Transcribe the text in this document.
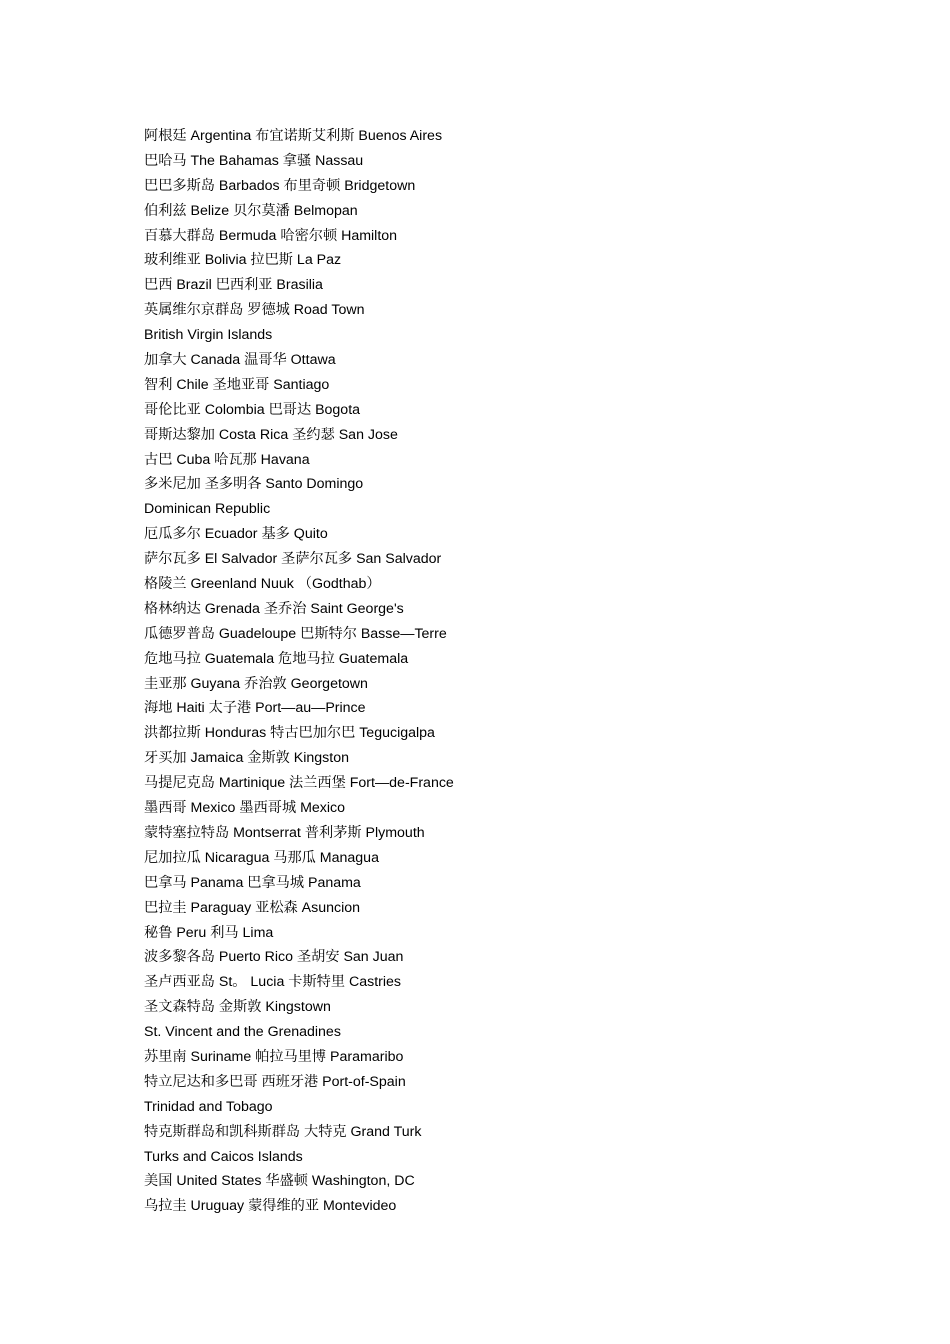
阿根廷 Argentina 布宜诺斯艾利斯 Buenos Aires
巴哈马 The Bahamas 拿骚 Nassau
巴巴多斯岛 Barbados 布里奇顿 Bridgetown
伯利兹 Belize 贝尔莫潘 Belmopan
百慕大群岛 Bermuda 哈密尔顿 Hamilton
玻利维亚 Bolivia 拉巴斯 La Paz
巴西 Brazil 巴西利亚 Brasilia
英属维尔京群岛 罗德城 Road Town
British Virgin Islands
加拿大 Canada 温哥华 Ottawa
智利 Chile 圣地亚哥 Santiago
哥伦比亚 Colombia 巴哥达 Bogota
哥斯达黎加 Costa Rica 圣约瑟 San Jose
古巴 Cuba 哈瓦那 Havana
多米尼加 圣多明各 Santo Domingo
Dominican Republic
厄瓜多尔 Ecuador 基多 Quito
萨尔瓦多 El Salvador 圣萨尔瓦多 San Salvador
格陵兰 Greenland Nuuk （Godthab）
格林纳达 Grenada 圣乔治 Saint George's
瓜德罗普岛 Guadeloupe 巴斯特尔 Basse—Terre
危地马拉 Guatemala 危地马拉 Guatemala
圭亚那 Guyana 乔治敦 Georgetown
海地 Haiti 太子港 Port—au—Prince
洪都拉斯 Honduras 特古巴加尔巴 Tegucigalpa
牙买加 Jamaica 金斯敦 Kingston
马提尼克岛 Martinique 法兰西堡 Fort—de-France
墨西哥 Mexico 墨西哥城 Mexico
蒙特塞拉特岛 Montserrat 普利茅斯 Plymouth
尼加拉瓜 Nicaragua 马那瓜 Managua
巴拿马 Panama 巴拿马城 Panama
巴拉圭 Paraguay 亚松森 Asuncion
秘鲁 Peru 利马 Lima
波多黎各岛 Puerto Rico 圣胡安 San Juan
圣卢西亚岛 St。 Lucia 卡斯特里 Castries
圣文森特岛 金斯敦 Kingstown
St. Vincent and the Grenadines
苏里南 Suriname 帕拉马里博 Paramaribo
特立尼达和多巴哥 西班牙港 Port-of-Spain
Trinidad and Tobago
特克斯群岛和凯科斯群岛 大特克 Grand Turk
Turks and Caicos Islands
美国 United States 华盛顿 Washington, DC
乌拉圭 Uruguay 蒙得维的亚 Montevideo
